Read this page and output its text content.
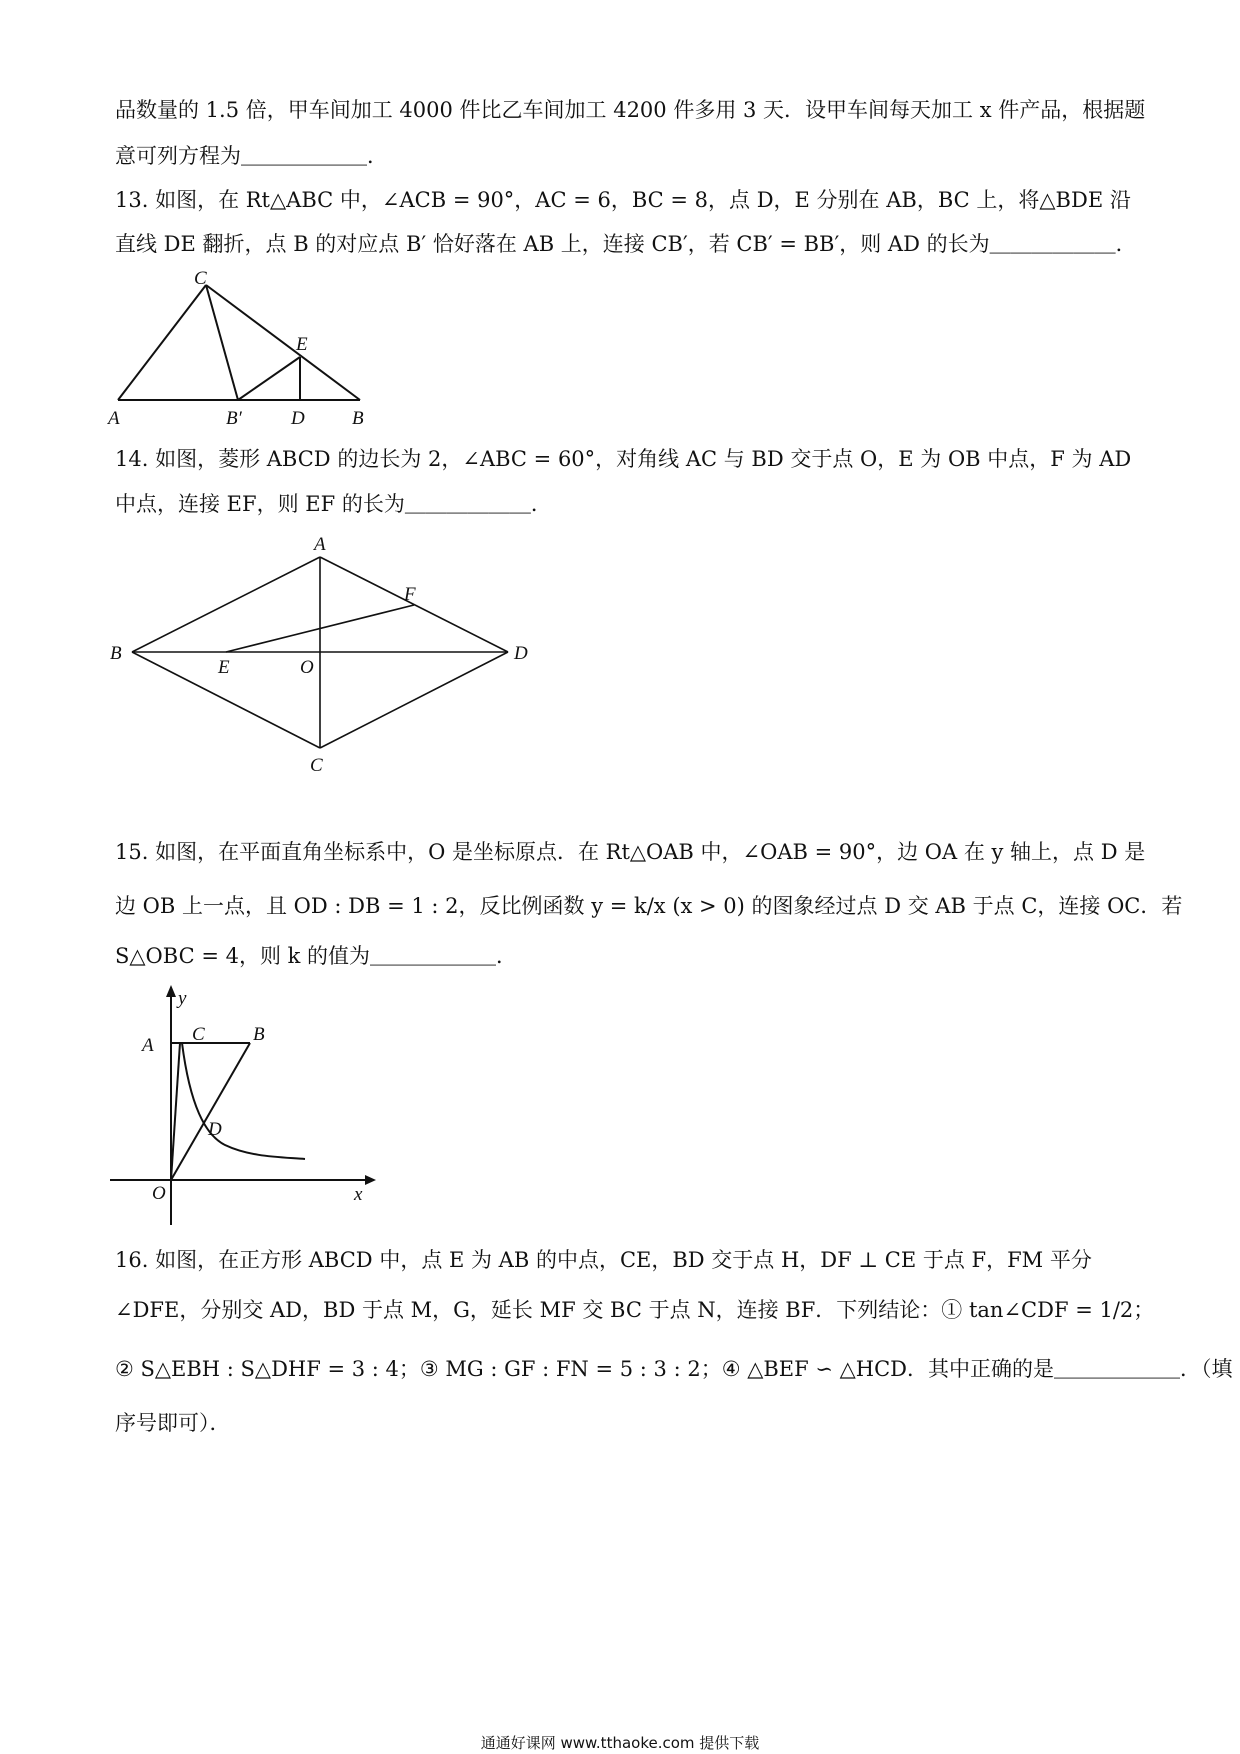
品数量的 1.5 倍，甲车间加工 4000 件比乙车间加工 4200 件多用 3 天．设甲车间每天加工 x 件产品，根据题
意可列方程为＿＿＿＿＿＿．
13. 如图，在 Rt△ABC 中，∠ACB = 90°，AC = 6，BC = 8，点 D，E 分别在 AB，BC 上，将△BDE 沿
直线 DE 翻折，点 B 的对应点 B′ 恰好落在 AB 上，连接 CB′，若 CB′ = BB′，则 AD 的长为＿＿＿＿＿＿．
C
E
A	B′	D B
14. 如图，菱形 ABCD 的边长为 2，∠ABC = 60°，对角线 AC 与 BD 交于点 O，E 为 OB 中点，F 为 AD
中点，连接 EF，则 EF 的长为＿＿＿＿＿＿．
A
B	D
C
F
E	O
15. 如图，在平面直角坐标系中，O 是坐标原点．在 Rt△OAB 中，∠OAB = 90°，边 OA 在 y 轴上，点 D 是
边 OB 上一点，且 OD : DB = 1 : 2，反比例函数 y = k/x (x > 0) 的图象经过点 D 交 AB 于点 C，连接 OC．若
S△OBC = 4，则 k 的值为＿＿＿＿＿＿．
y
A
C	B
D
O	x
16. 如图，在正方形 ABCD 中，点 E 为 AB 的中点，CE，BD 交于点 H，DF ⊥ CE 于点 F，FM 平分
∠DFE，分别交 AD，BD 于点 M，G，延长 MF 交 BC 于点 N，连接 BF．下列结论：① tan∠CDF = 1/2；
② S△EBH : S△DHF = 3 : 4；③ MG : GF : FN = 5 : 3 : 2；④ △BEF ∽ △HCD．其中正确的是＿＿＿＿＿＿．（填
序号即可）．
通通好课网 www.tthaoke.com 提供下载
